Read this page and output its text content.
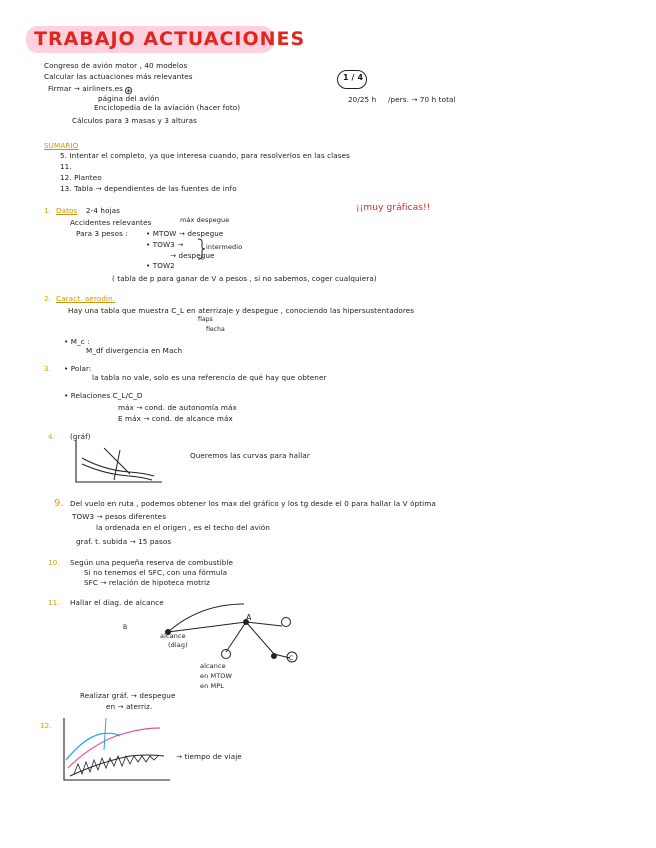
TRABAJO ACTUACIONES
Congreso de avión motor , 40 modelos
Calcular las actuaciones más relevantes
Firmar → airliners.es ⊛
página del avión
Enciclopedia de la aviación (hacer foto)
Cálculos para 3 masas y 3 alturas
1 / 4
20/25 h /pers. → 70 h total
SUMARIO
5. Intentar el completo, ya que interesa cuando, para resolverlos en las clases
11.
12. Planteo
13. Tabla → dependientes de las fuentes de info
1. Datos 2-4 hojas	¡¡muy gráficas!!
Accidentes relevantes	máx despegue
Para 3 pesos :	• MTOW → despegue
• TOW3 →
→ despegue
intermedio
• TOW2
( tabla de p para ganar de V a pesos , si no sabemos, coger cualquiera)
2. Caract. aerodin.
Hay una tabla que muestra C_L en aterrizaje y despegue , conociendo las hipersustentadores
flaps
flecha
• M_c :
M_df divergencia en Mach
3. • Polar:
la tabla no vale, solo es una referencia de qué hay que obtener
• Relaciones C_L/C_D
máx → cond. de autonomía máx
E máx → cond. de alcance máx
4. (gráf)
Queremos las curvas para hallar
9. Del vuelo en ruta , podemos obtener los max del gráfico y los tg desde el 0 para hallar la V óptima
TOW3 → pesos diferentes
la ordenada en el origen , es el techo del avión
graf. t. subida → 15 pasos
10. Según una pequeña reserva de combustible
Si no tenemos el SFC, con una fórmula
SFC → relación de hipoteca motriz
11. Hallar el diag. de alcance
A
B
C
alcance
(diag)
alcance
en MTOW
en MPL
Realizar gráf. → despegue
en → aterriz.
12.
→ tiempo de viaje
